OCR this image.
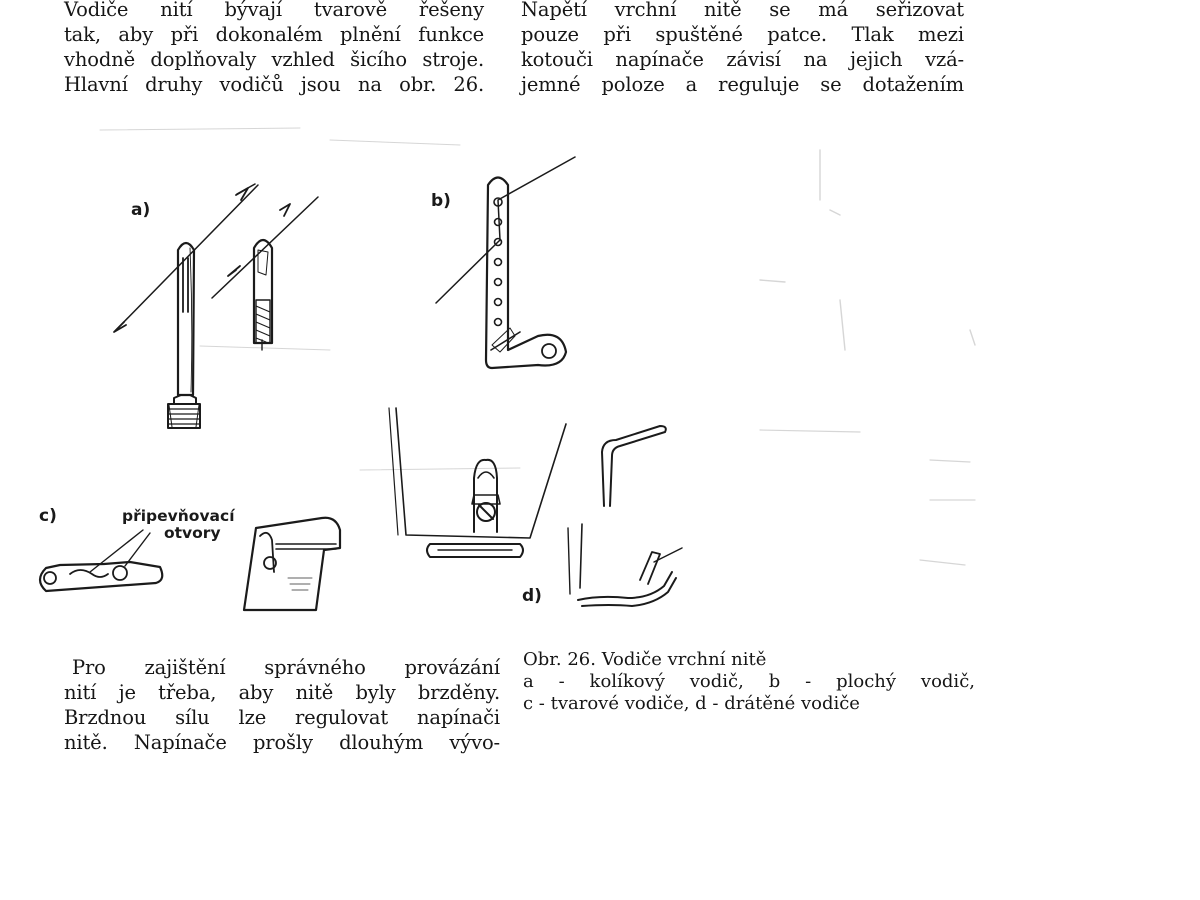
Vodiče nití bývají tvarově řešeny
tak, aby při dokonalém plnění funkce
vhodně doplňovaly vzhled šicího stroje.
Hlavní druhy vodičů jsou na obr. 26.

Napětí vrchní nitě se má seřizovat
pouze při spuštěné patce. Tlak mezi
kotouči napínače závisí na jejich vzá-
jemné poloze a reguluje se dotažením

a)	b)
c)
d)
připevňovací
otvory

Pro zajištění správného provázání
nití je třeba, aby nitě byly brzděny.
Brzdnou sílu lze regulovat napínači
nitě. Napínače prošly dlouhým vývo-

Obr. 26. Vodiče vrchní nitě
a - kolíkový vodič, b - plochý vodič,
c - tvarové vodiče, d - drátěné vodiče
